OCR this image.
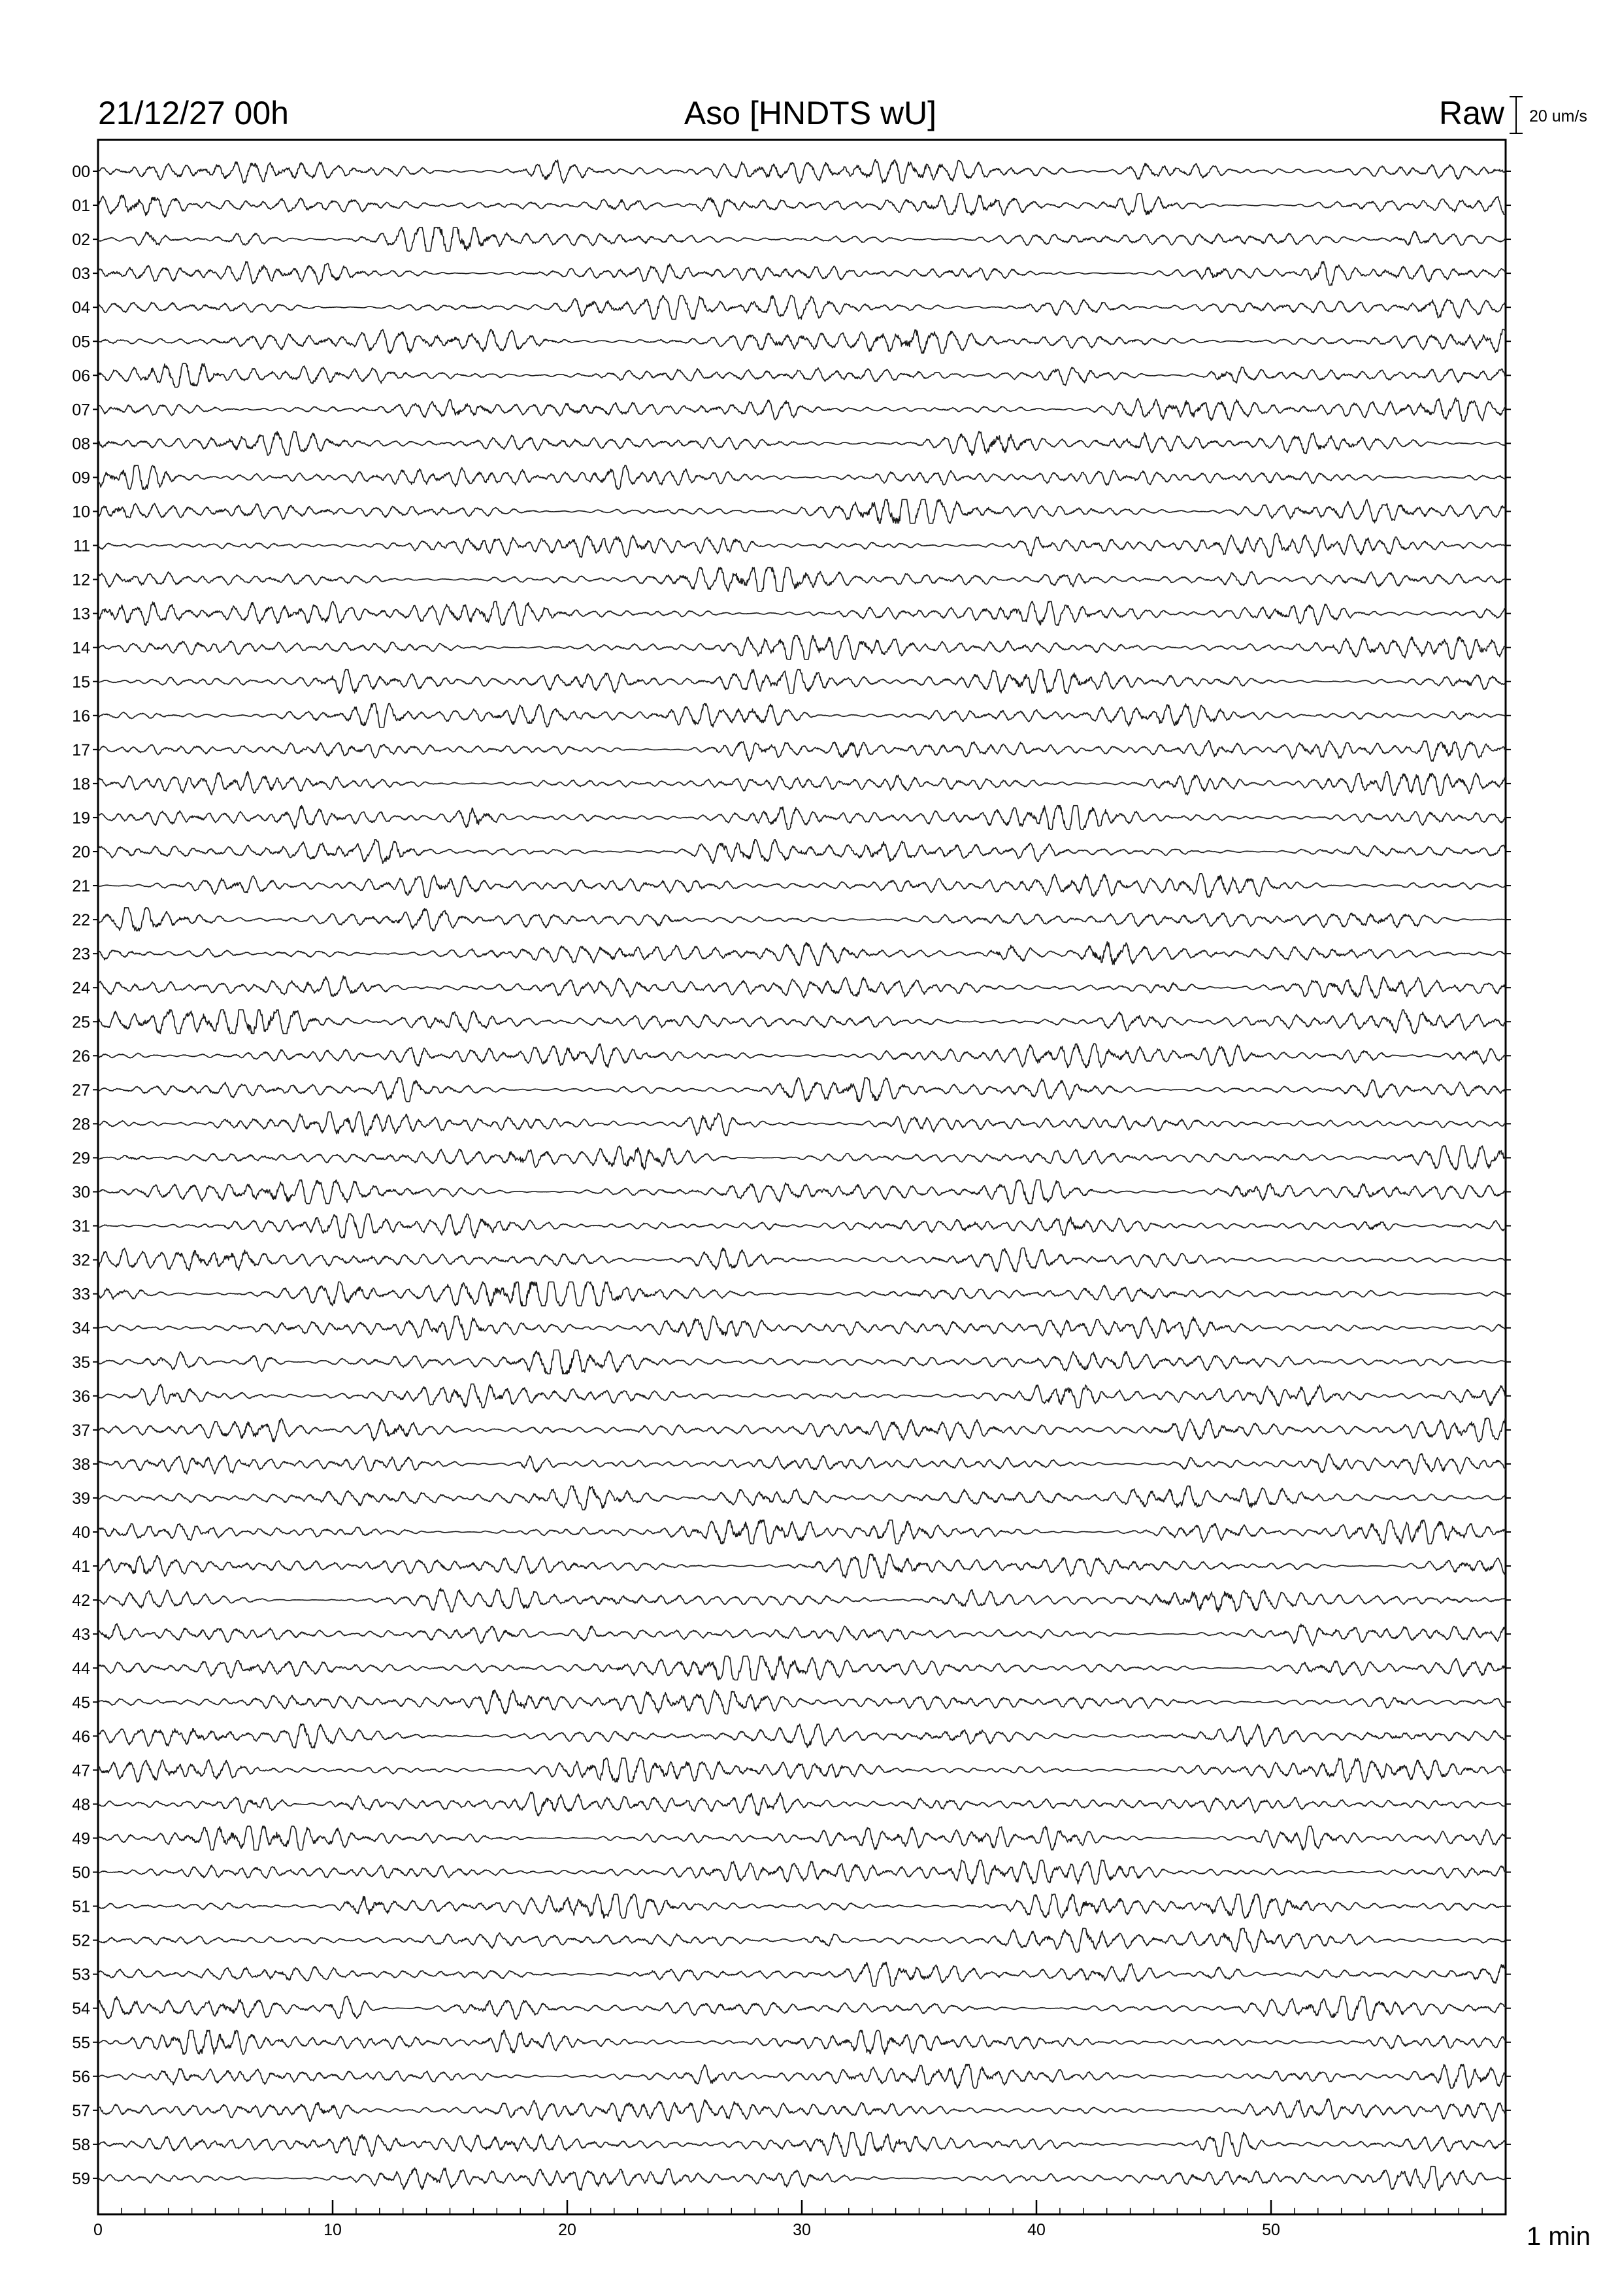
21/12/27 00h	Aso [HNDTS wU]	Raw 20 um/s
00
01
02
03
04
05
06
07
08
09
10
11
12
13
14
15
16
17
18
19
20
21
22
23
24
25
26
27
28
29
30
31
32
33
34
35
36
37
38
39
40
41
42
43
44
45
46
47
48
49
50
51
52
53
54
55
56
57
58
59
0	10	20	30	40	50	1 min
